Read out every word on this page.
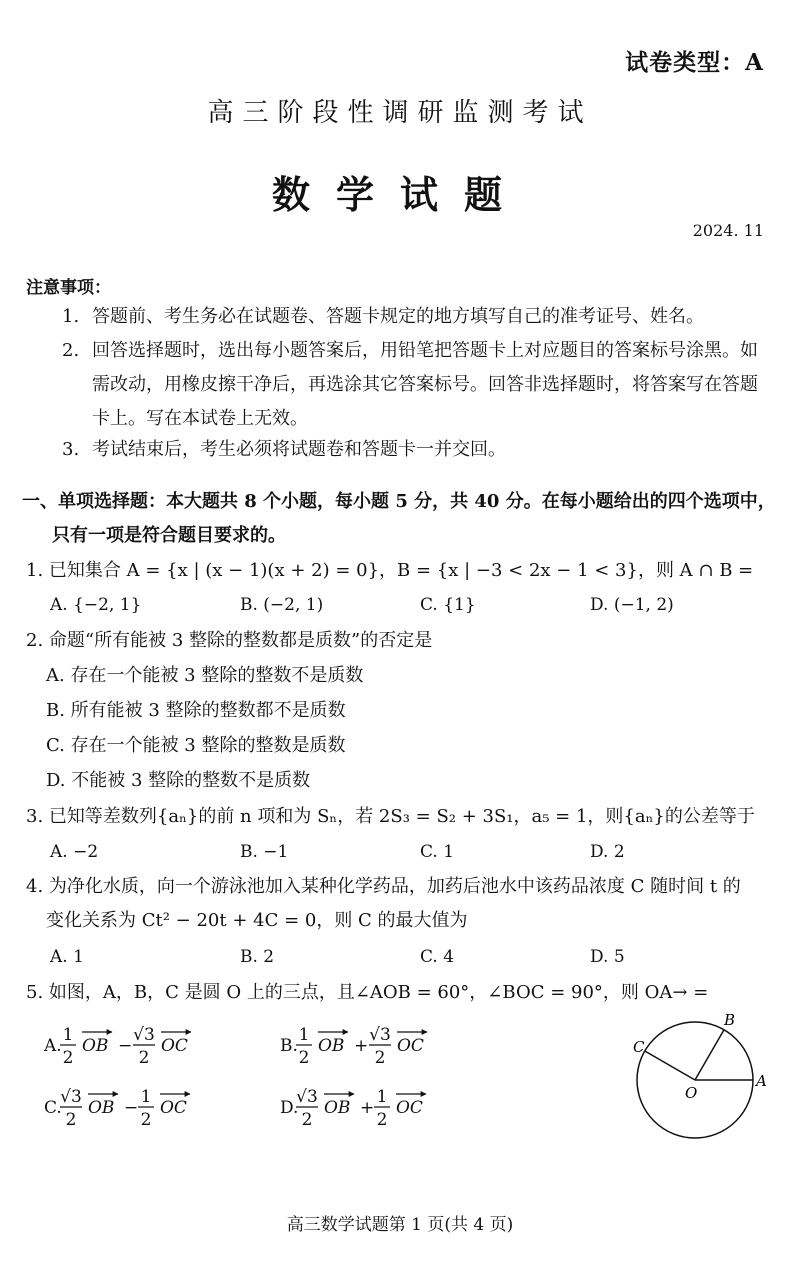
试卷类型：A
高三阶段性调研监测考试
数学试题
2024. 11
注意事项：
1. 答题前、考生务必在试题卷、答题卡规定的地方填写自己的准考证号、姓名。
2. 回答选择题时，选出每小题答案后，用铅笔把答题卡上对应题目的答案标号涂黑。如需改动，用橡皮擦干净后，再选涂其它答案标号。回答非选择题时，将答案写在答题卡上。写在本试卷上无效。
3. 考试结束后，考生必须将试题卷和答题卡一并交回。
一、单项选择题：本大题共 8 个小题，每小题 5 分，共 40 分。在每小题给出的四个选项中，
只有一项是符合题目要求的。
1. 已知集合 A = {x | (x − 1)(x + 2) = 0}，B = {x | −3 < 2x − 1 < 3}，则 A ∩ B =
A. {−2, 1}	B. (−2, 1)	C. {1}	D. (−1, 2)
2. 命题“所有能被 3 整除的整数都是质数”的否定是
A. 存在一个能被 3 整除的整数不是质数
B. 所有能被 3 整除的整数都不是质数
C. 存在一个能被 3 整除的整数是质数
D. 不能被 3 整除的整数不是质数
3. 已知等差数列{aₙ}的前 n 项和为 Sₙ，若 2S₃ = S₂ + 3S₁，a₅ = 1，则{aₙ}的公差等于
A. −2	B. −1	C. 1	D. 2
4. 为净化水质，向一个游泳池加入某种化学药品，加药后池水中该药品浓度 C 随时间 t 的
变化关系为 Ct² − 20t + 4C = 0，则 C 的最大值为
A. 1	B. 2	C. 4	D. 5
5. 如图，A，B，C 是圆 O 上的三点，且∠AOB = 60°，∠BOC = 90°，则 OA→ =
A.
1
2
OB −
√3
2
OC	B.
1
2
OB +
√3
2
OC
C.
√3
2
OB −
1
2
OC	D.
√3
2
OB +
1
2
OC
A
B
C
O
高三数学试题第 1 页(共 4 页)
